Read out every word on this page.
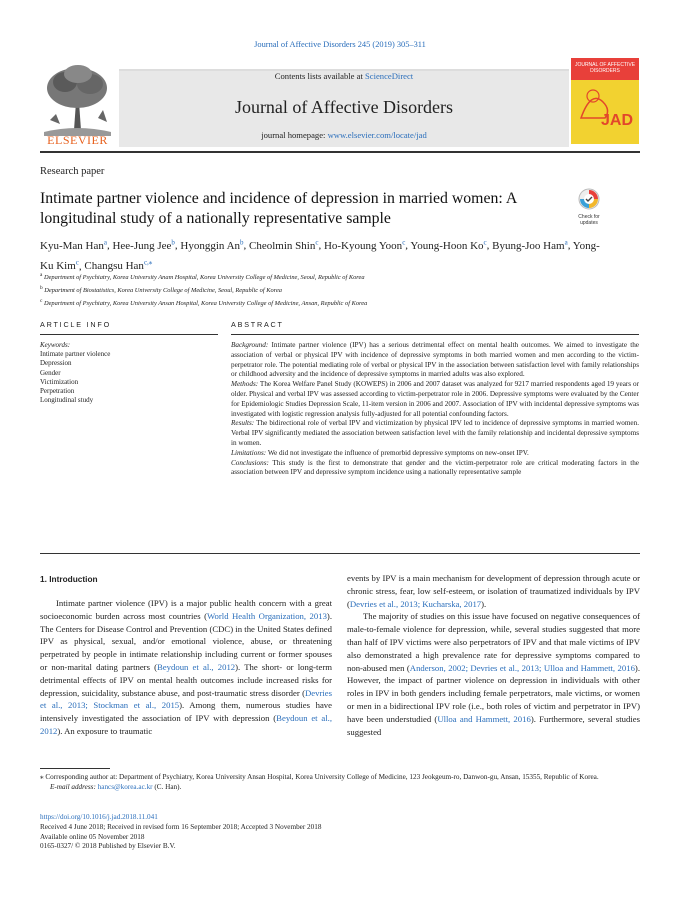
Journal of Affective Disorders 245 (2019) 305–311
ELSEVIER
Contents lists available at ScienceDirect
Journal of Affective Disorders
journal homepage: www.elsevier.com/locate/jad
JOURNAL OF AFFECTIVE DISORDERS
JAD
Research paper
Intimate partner violence and incidence of depression in married women: A longitudinal study of a nationally representative sample	Check for
updates
Kyu-Man Han$^a$, Hee-Jung Jee$^b$, Hyonggin An$^b$, Cheolmin Shin$^c$, Ho-Kyoung Yoon$^c$, Young-Hoon Ko$^c$, Byung-Joo Ham$^a$, Yong-Ku Kim$^c$, Changsu Han$^{c,⁎}$
$^a$ Department of Psychiatry, Korea University Anam Hospital, Korea University College of Medicine, Seoul, Republic of Korea
$^b$ Department of Biostatistics, Korea University College of Medicine, Seoul, Republic of Korea
$^c$ Department of Psychiatry, Korea University Ansan Hospital, Korea University College of Medicine, Ansan, Republic of Korea
ARTICLE INFO
Keywords:
Intimate partner violence
Depression
Gender
Victimization
Perpetration
Longitudinal study
ABSTRACT
Background: Intimate partner violence (IPV) has a serious detrimental effect on mental health outcomes. We aimed to investigate the association of verbal or physical IPV with incidence of depressive symptoms in both married women and men according to the victim-perpetrator role. The potential mediating role of verbal or physical IPV in the association between satisfaction level with family relationships or childhood adversity and the incidence of depressive symptoms in married adults was also explored.
Methods: The Korea Welfare Panel Study (KOWEPS) in 2006 and 2007 dataset was analyzed for 9217 married respondents aged 19 years or older. Physical and verbal IPV was assessed according to victim-perpetrator role in 2006. Depressive symptoms were evaluated by the Center for Epidemiologic Studies Depression Scale, 11-item version in 2006 and 2007. Association of IPV with incidental depressive symptoms was investigated with logistic regression analysis fully-adjusted for all potential confounding factors.
Results: The bidirectional role of verbal IPV and victimization by physical IPV led to incidence of depressive symptoms in married women. Verbal IPV significantly mediated the association between satisfaction level with the family relationship and incidental depressive symptoms in women.
Limitations: We did not investigate the influence of premorbid depressive symptoms on new-onset IPV.
Conclusions: This study is the first to demonstrate that gender and the victim-perpetrator role are critical moderating factors in the association between IPV and depressive symptom incidence using a nationally representative sample
1. Introduction

Intimate partner violence (IPV) is a major public health concern with a great socioeconomic burden across most countries (World Health Organization, 2013). The Centers for Disease Control and Prevention (CDC) in the United States defined IPV as physical, sexual, and/or emotional violence, abuse, or threatening perpetrated by people in intimate relationship including current or former spouses or non-marital dating partners (Beydoun et al., 2012). The short- or long-term detrimental effects of IPV on mental health outcomes include increased risks for depression, suicidality, substance abuse, and post-traumatic stress disorder (Devries et al., 2013; Stockman et al., 2015). Among them, numerous studies have intensively investigated the association of IPV with depression (Beydoun et al., 2012). An exposure to traumatic

events by IPV is a main mechanism for development of depression through acute or chronic stress, fear, low self-esteem, or isolation of traumatized individuals by IPV (Devries et al., 2013; Kucharska, 2017).

The majority of studies on this issue have focused on negative consequences of male-to-female violence for depression, while, several studies suggested that more than half of IPV victims were also perpetrators of IPV and that male victims of IPV also demonstrated a high prevalence rate for depressive symptoms compared to non-abused men (Anderson, 2002; Devries et al., 2013; Ulloa and Hammett, 2016). However, the impact of partner violence on depression in individuals with other roles in IPV in both genders including female perpetrators, male victims, or women or men in a bidirectional IPV role (i.e., both roles of victim and perpetrator in IPV) have been understudied (Ulloa and Hammett, 2016). Furthermore, several studies suggested

⁎ Corresponding author at: Department of Psychiatry, Korea University Ansan Hospital, Korea University College of Medicine, 123 Jeokgeum-ro, Danwon-gu, Ansan, 15355, Republic of Korea.
E-mail address: hancs@korea.ac.kr (C. Han).
https://doi.org/10.1016/j.jad.2018.11.041
Received 4 June 2018; Received in revised form 16 September 2018; Accepted 3 November 2018
Available online 05 November 2018
0165-0327/ © 2018 Published by Elsevier B.V.
